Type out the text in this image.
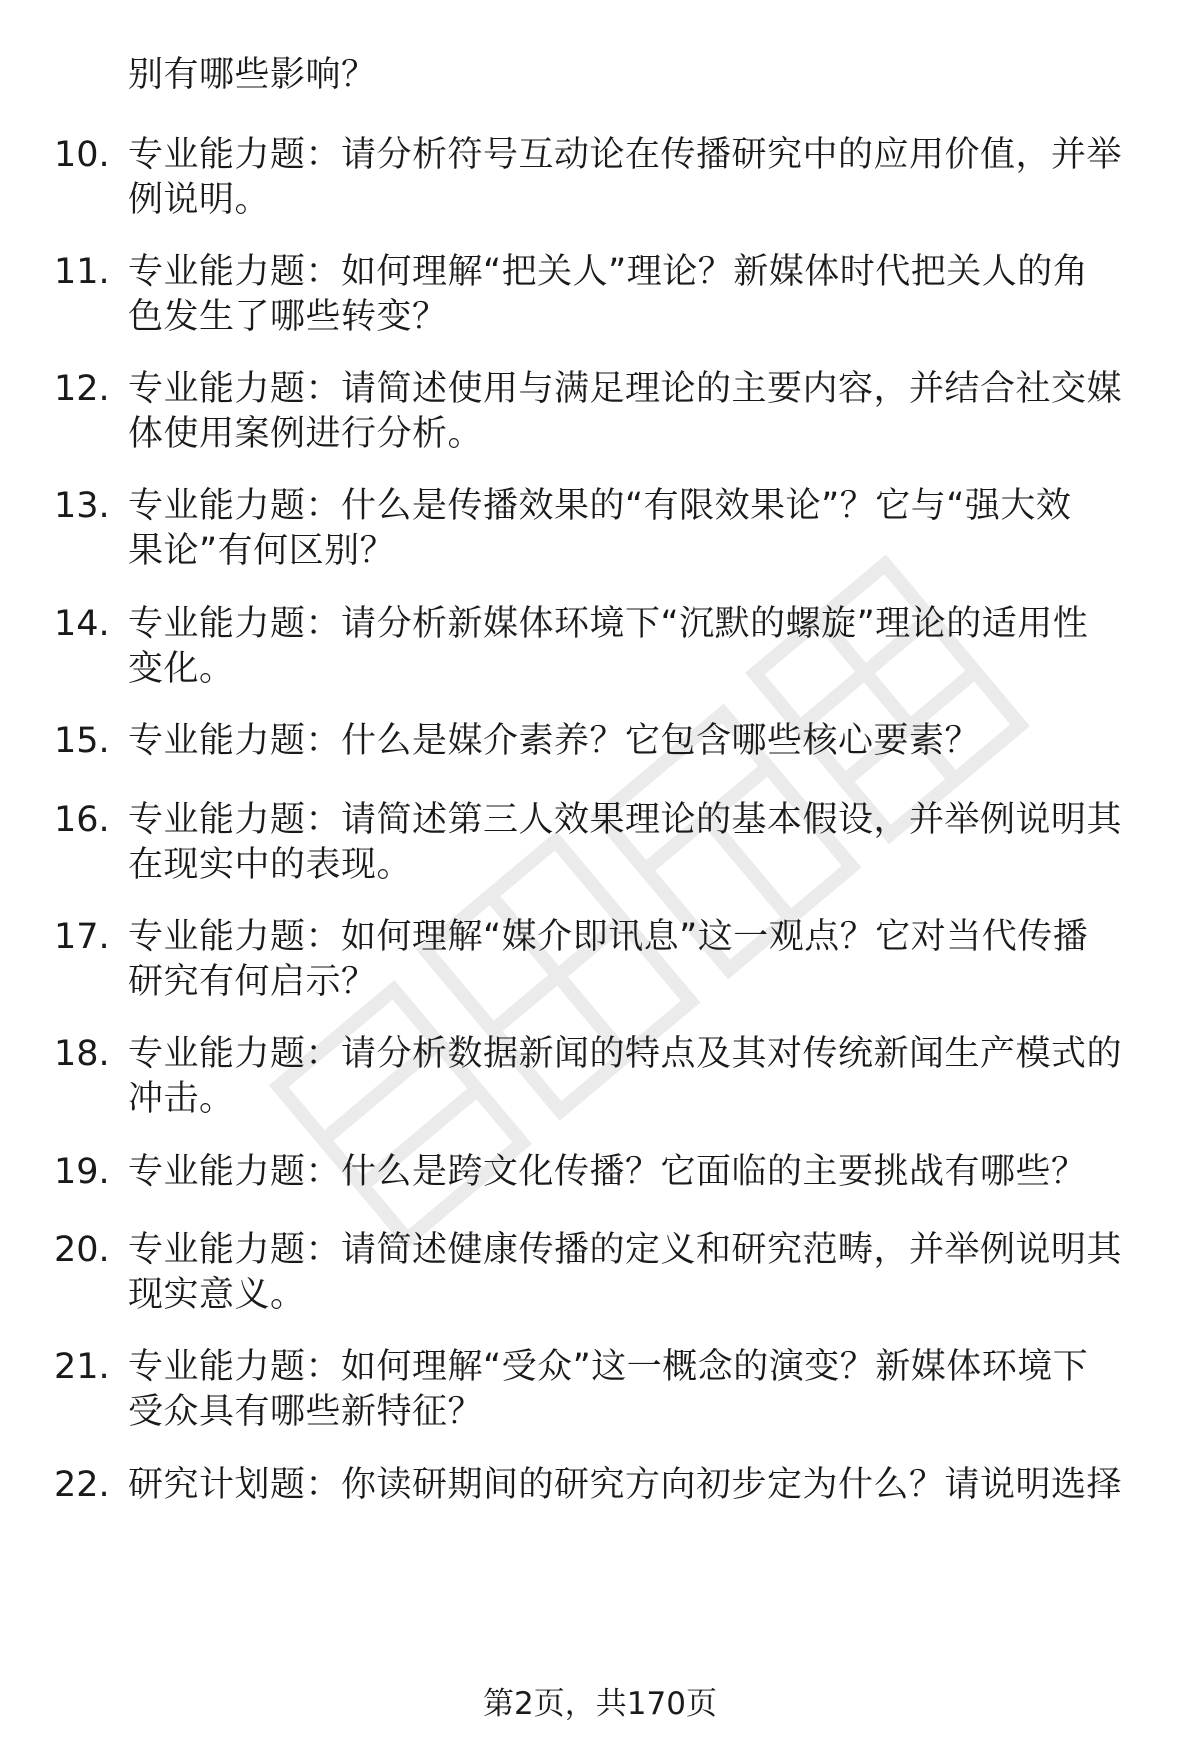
别有哪些影响？
10. 专业能力题：请分析符号互动论在传播研究中的应用价值，并举
例说明。
11. 专业能力题：如何理解“把关人”理论？新媒体时代把关人的角
色发生了哪些转变？
12. 专业能力题：请简述使用与满足理论的主要内容，并结合社交媒
体使用案例进行分析。
13. 专业能力题：什么是传播效果的“有限效果论”？它与“强大效
果论”有何区别？
14. 专业能力题：请分析新媒体环境下“沉默的螺旋”理论的适用性
变化。
15. 专业能力题：什么是媒介素养？它包含哪些核心要素？
16. 专业能力题：请简述第三人效果理论的基本假设，并举例说明其
在现实中的表现。
17. 专业能力题：如何理解“媒介即讯息”这一观点？它对当代传播
研究有何启示？
18. 专业能力题：请分析数据新闻的特点及其对传统新闻生产模式的
冲击。
19. 专业能力题：什么是跨文化传播？它面临的主要挑战有哪些？
20. 专业能力题：请简述健康传播的定义和研究范畴，并举例说明其
现实意义。
21. 专业能力题：如何理解“受众”这一概念的演变？新媒体环境下
受众具有哪些新特征？
22. 研究计划题：你读研期间的研究方向初步定为什么？请说明选择
第2页，共170页
